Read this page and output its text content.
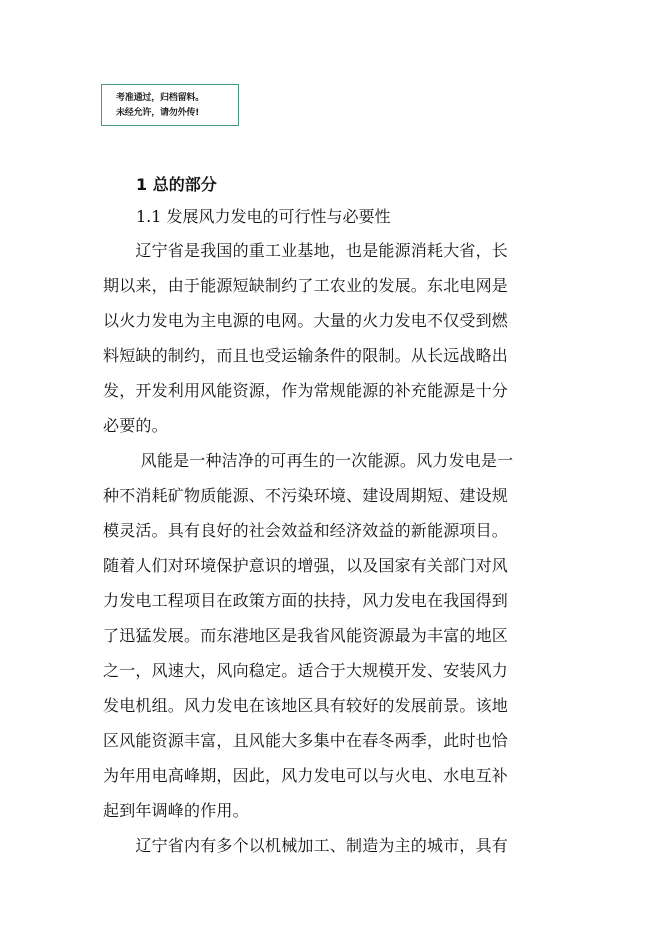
考准通过，归档留料。
未经允许，请勿外传!
1 总的部分
1.1 发展风力发电的可行性与必要性
　　辽宁省是我国的重工业基地，也是能源消耗大省，长
期以来，由于能源短缺制约了工农业的发展。东北电网是
以火力发电为主电源的电网。大量的火力发电不仅受到燃
料短缺的制约，而且也受运输条件的限制。从长远战略出
发，开发利用风能资源，作为常规能源的补充能源是十分
必要的。
　　 风能是一种洁净的可再生的一次能源。风力发电是一
种不消耗矿物质能源、不污染环境、建设周期短、建设规
模灵活。具有良好的社会效益和经济效益的新能源项目。
随着人们对环境保护意识的增强，以及国家有关部门对风
力发电工程项目在政策方面的扶持，风力发电在我国得到
了迅猛发展。而东港地区是我省风能资源最为丰富的地区
之一，风速大，风向稳定。适合于大规模开发、安装风力
发电机组。风力发电在该地区具有较好的发展前景。该地
区风能资源丰富，且风能大多集中在春冬两季，此时也恰
为年用电高峰期，因此，风力发电可以与火电、水电互补
起到年调峰的作用。
　　辽宁省内有多个以机械加工、制造为主的城市，具有
